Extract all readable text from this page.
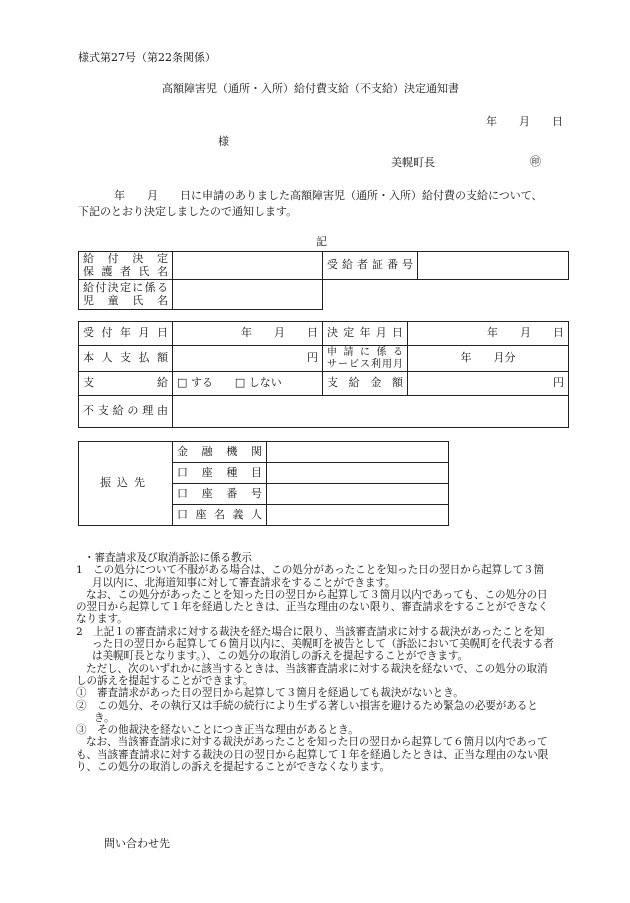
様式第27号（第22条関係）
高額障害児（通所・入所）給付費支給（不支給）決定通知書
年　　月　　日
様
美幌町長	㊞
年　　月　　日に申請のありました高額障害児（通所・入所）給付費の支給について、
下記のとおり決定しましたので通知します。
記
給付決定
保護者氏名		受給者証番号	

給付決定に係る
児童氏名			

受付年月日	年　　月　　日	決定年月日	年　　月　　日
本人支払額	円	申請に係る
サービス利用月	年　　月分
支　　　　給	□ する　　□ しない	支給金額	円
不支給の理由			
振込先	金融機関	
	口座種目	
	口座番号	

	口座名義人	

・審査請求及び取消訴訟に係る教示

1　この処分について不服がある場合は、この処分があったことを知った日の翌日から起算して３箇月以内に、北海道知事に対して審査請求をすることができます。

なお、この処分があったことを知った日の翌日から起算して３箇月以内であっても、この処分の日の翌日から起算して１年を経過したときは、正当な理由のない限り、審査請求をすることができなくなります。

2　上記１の審査請求に対する裁決を経た場合に限り、当該審査請求に対する裁決があったことを知った日の翌日から起算して６箇月以内に、美幌町を被告として（訴訟において美幌町を代表する者は美幌町長となります。）、この処分の取消しの訴えを提起することができます。

ただし、次のいずれかに該当するときは、当該審査請求に対する裁決を経ないで、この処分の取消しの訴えを提起することができます。

①　審査請求があった日の翌日から起算して３箇月を経過しても裁決がないとき。

②　この処分、その執行又は手続の続行により生ずる著しい損害を避けるため緊急の必要があるとき。

③　その他裁決を経ないことにつき正当な理由があるとき。

なお、当該審査請求に対する裁決があったことを知った日の翌日から起算して６箇月以内であっても、当該審査請求に対する裁決の日の翌日から起算して１年を経過したときは、正当な理由のない限り、この処分の取消しの訴えを提起することができなくなります。

問い合わせ先
